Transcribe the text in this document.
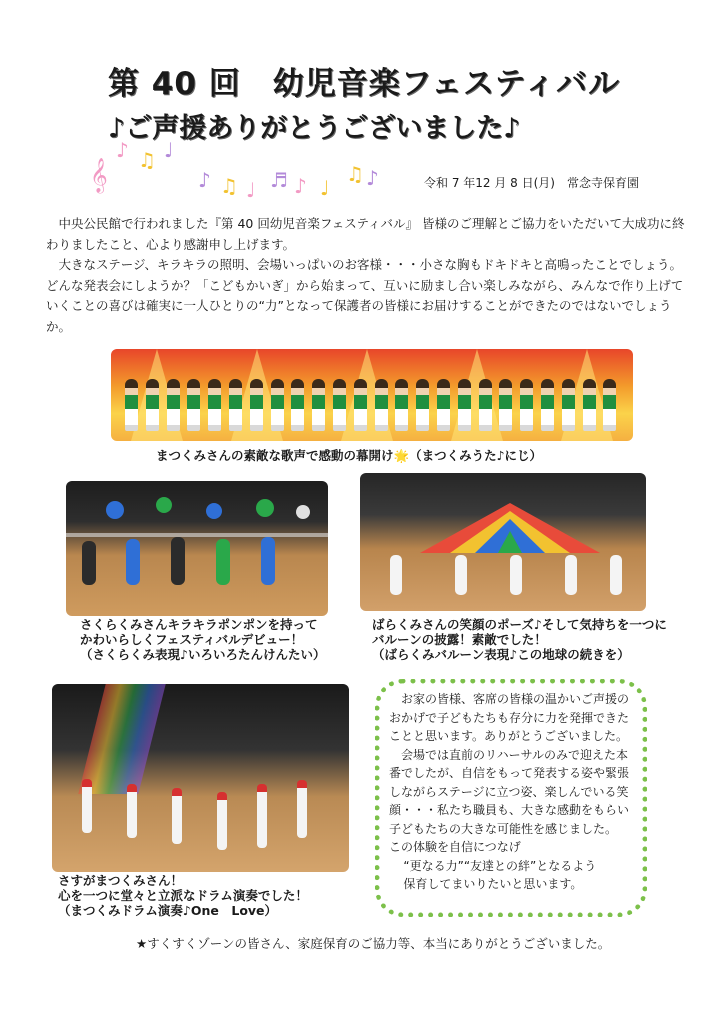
第 40 回　幼児音楽フェスティバル
♪ご声援ありがとうございました♪
𝄞
♪ ♫ ♩
♪ ♫ ♩ ♬ ♪ ♩
♫ ♪	令和 7 年12 月 8 日(月)　常念寺保育園

中央公民館で行われました『第 40 回幼児音楽フェスティバル』 皆様のご理解とご協力をいただいて大成功に終わりましたこと、心より感謝申し上げます。

大きなステージ、キラキラの照明、会場いっぱいのお客様・・・小さな胸もドキドキと高鳴ったことでしょう。どんな発表会にしようか？「こどもかいぎ」から始まって、互いに励まし合い楽しみながら、みんなで作り上げていくことの喜びは確実に一人ひとりの“力”となって保護者の皆様にお届けすることができたのではないでしょうか。

まつくみさんの素敵な歌声で感動の幕開け🌟（まつくみうた♪にじ）
さくらくみさんキラキラポンポンを持って
かわいらしくフェスティバルデビュー！
（さくらくみ表現♪いろいろたんけんたい）
ばらくみさんの笑顔のポーズ♪そして気持ちを一つに
バルーンの披露！素敵でした！
（ばらくみバルーン表現♪この地球の続きを）

お家の皆様、客席の皆様の温かいご声援のおかげで子どもたちも存分に力を発揮できたことと思います。ありがとうございました。

会場では直前のリハーサルのみで迎えた本番でしたが、自信をもって発表する姿や緊張しながらステージに立つ姿、楽しんでいる笑顔・・・私たち職員も、大きな感動をもらい子どもたちの大きな可能性を感じました。

この体験を自信につなげ

“更なる力”“友達との絆”となるよう

保育してまいりたいと思います。

さすがまつくみさん！
心を一つに堂々と立派なドラム演奏でした！
（まつくみドラム演奏♪One　Love）
★すくすくゾーンの皆さん、家庭保育のご協力等、本当にありがとうございました。
